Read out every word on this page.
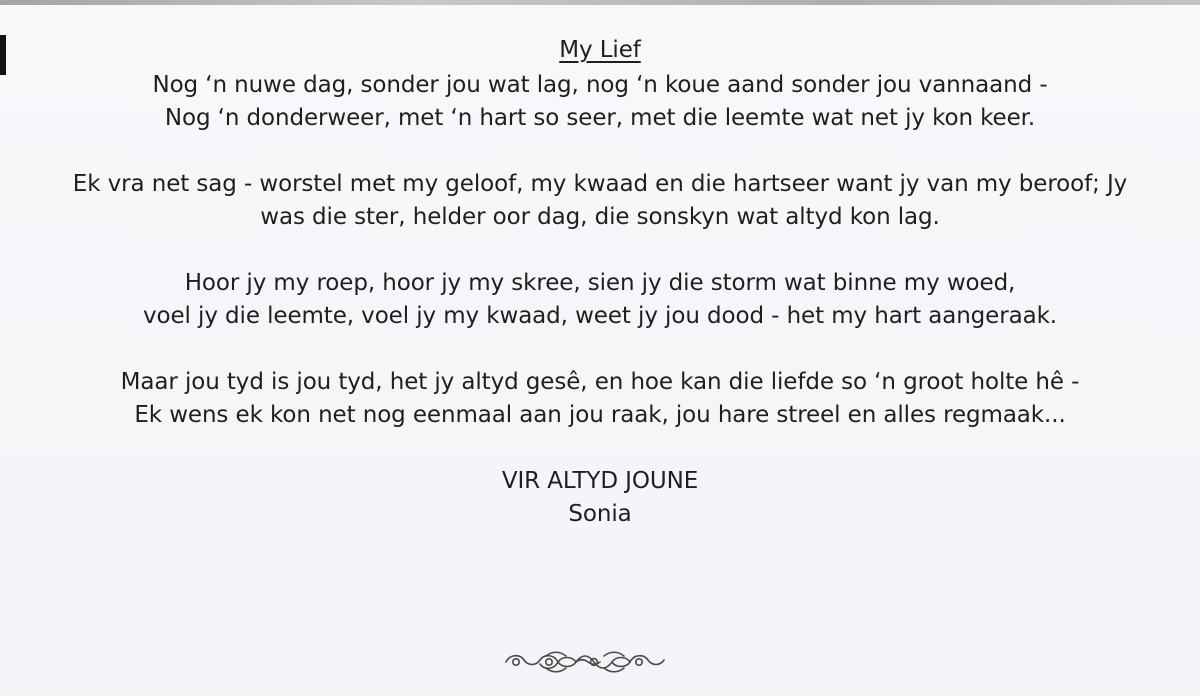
My Lief
Nog ‘n nuwe dag, sonder jou wat lag, nog ‘n koue aand sonder jou vannaand -
Nog ‘n donderweer, met ‘n hart so seer, met die leemte wat net jy kon keer.
Ek vra net sag - worstel met my geloof, my kwaad en die hartseer want jy van my beroof; Jy
was die ster, helder oor dag, die sonskyn wat altyd kon lag.
Hoor jy my roep, hoor jy my skree, sien jy die storm wat binne my woed,
voel jy die leemte, voel jy my kwaad, weet jy jou dood - het my hart aangeraak.
Maar jou tyd is jou tyd, het jy altyd gesê, en hoe kan die liefde so ‘n groot holte hê -
Ek wens ek kon net nog eenmaal aan jou raak, jou hare streel en alles regmaak...
VIR ALTYD JOUNE
Sonia
